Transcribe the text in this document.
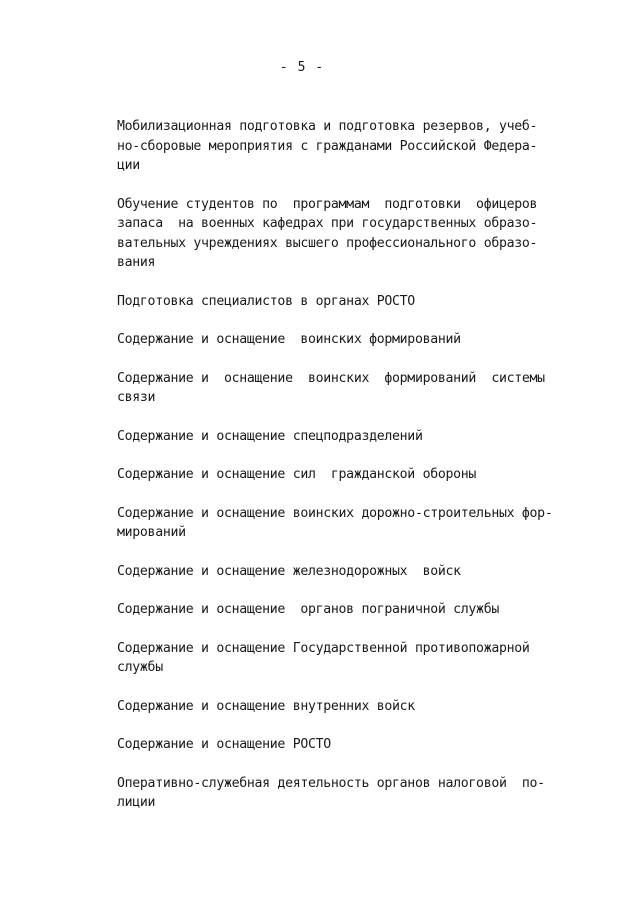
- 5 -
Мобилизационная подготовка и подготовка резервов, учеб-
но-сборовые мероприятия с гражданами Российской Федера-
ции
Обучение студентов по  программам  подготовки  офицеров
запаса  на военных кафедрах при государственных образо-
вательных учреждениях высшего профессионального образо-
вания
Подготовка специалистов в органах РОСТО
Содержание и оснащение  воинских формирований
Содержание и  оснащение  воинских  формирований  системы
связи
Содержание и оснащение спецподразделений
Содержание и оснащение сил  гражданской обороны
Содержание и оснащение воинских дорожно-строительных фор-
мирований
Содержание и оснащение железнодорожных  войск
Содержание и оснащение  органов пограничной службы
Содержание и оснащение Государственной противопожарной
службы
Содержание и оснащение внутренних войск
Содержание и оснащение РОСТО
Оперативно-служебная деятельность органов налоговой  по-
лиции
